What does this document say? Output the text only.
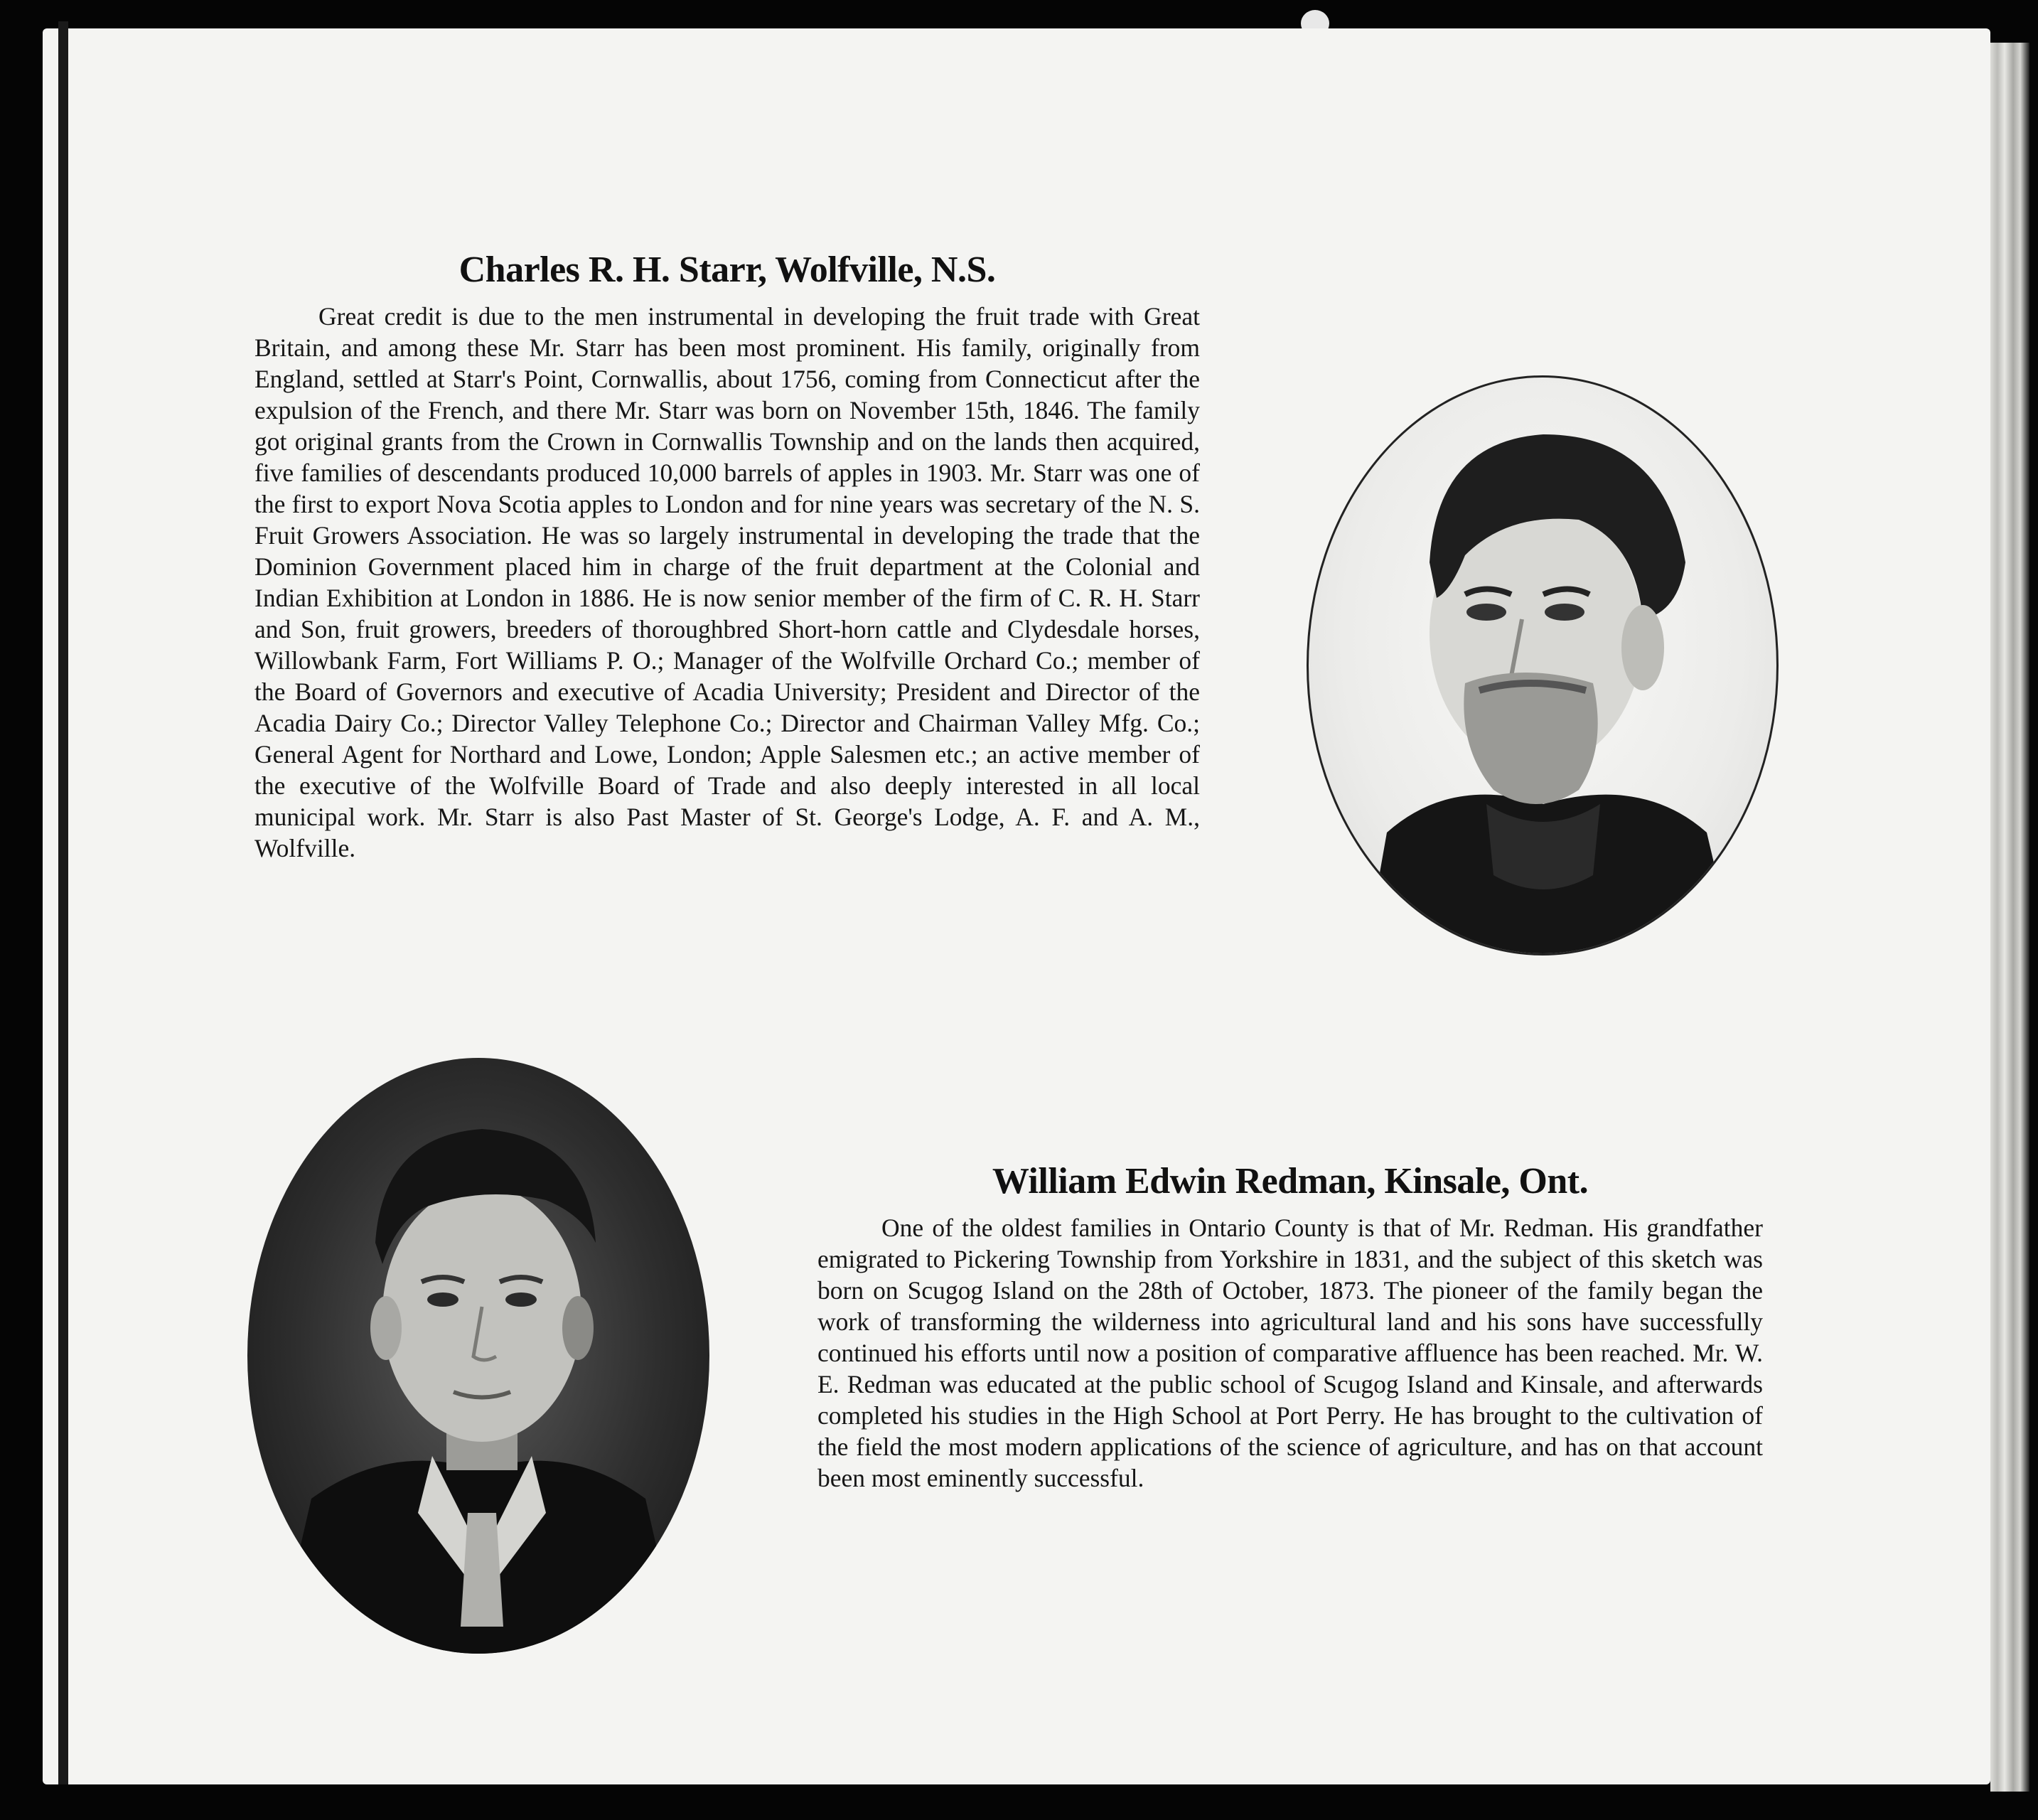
Charles R. H. Starr, Wolfville, N.S.

Great credit is due to the men instrumental in developing the fruit trade with Great Britain, and among these Mr. Starr has been most prominent. His family, originally from England, settled at Starr's Point, Cornwallis, about 1756, coming from Connecticut after the expulsion of the French, and there Mr. Starr was born on November 15th, 1846. The family got original grants from the Crown in Cornwallis Township and on the lands then acquired, five families of descendants produced 10,000 barrels of apples in 1903. Mr. Starr was one of the first to export Nova Scotia apples to London and for nine years was secretary of the N. S. Fruit Growers Association. He was so largely instrumental in developing the trade that the Dominion Government placed him in charge of the fruit department at the Colonial and Indian Exhibition at London in 1886. He is now senior member of the firm of C. R. H. Starr and Son, fruit growers, breeders of thoroughbred Short-horn cattle and Clydesdale horses, Willowbank Farm, Fort Williams P. O.; Manager of the Wolfville Orchard Co.; member of the Board of Governors and executive of Acadia University; President and Director of the Acadia Dairy Co.; Director Valley Telephone Co.; Director and Chairman Valley Mfg. Co.; General Agent for Northard and Lowe, London; Apple Salesmen etc.; an active member of the executive of the Wolfville Board of Trade and also deeply interested in all local municipal work. Mr. Starr is also Past Master of St. George's Lodge, A. F. and A. M., Wolfville.

William Edwin Redman, Kinsale, Ont.

One of the oldest families in Ontario County is that of Mr. Redman. His grandfather emigrated to Pickering Township from Yorkshire in 1831, and the subject of this sketch was born on Scugog Island on the 28th of October, 1873. The pioneer of the family began the work of transforming the wilderness into agricultural land and his sons have successfully continued his efforts until now a position of comparative affluence has been reached. Mr. W. E. Redman was educated at the public school of Scugog Island and Kinsale, and afterwards completed his studies in the High School at Port Perry. He has brought to the cultivation of the field the most modern applications of the science of agriculture, and has on that account been most eminently successful.
